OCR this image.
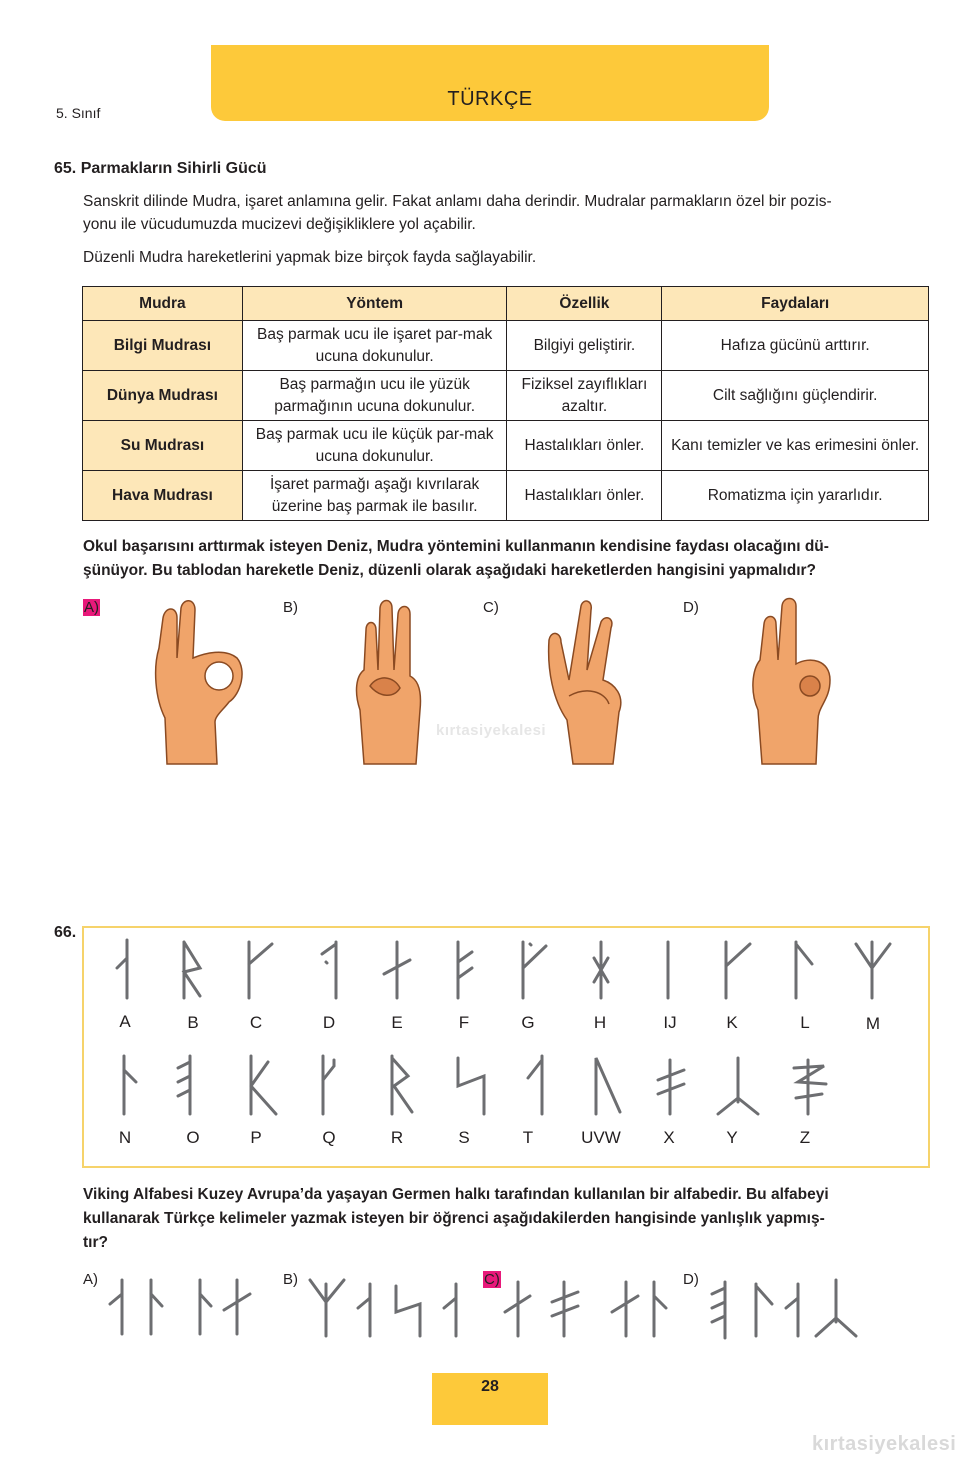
TÜRKÇE
5. Sınıf
65. Parmakların Sihirli Gücü
Sanskrit dilinde Mudra, işaret anlamına gelir. Fakat anlamı daha derindir. Mudralar parmakların özel bir pozis-
yonu ile vücudumuzda mucizevi değişikliklere yol açabilir.
Düzenli Mudra hareketlerini yapmak bize birçok fayda sağlayabilir.
Mudra	Yöntem	Özellik	Faydaları
Bilgi Mudrası	Baş parmak ucu ile işaret par-mak ucuna dokunulur.	Bilgiyi geliştirir.	Hafıza gücünü arttırır.
Dünya Mudrası	Baş parmağın ucu ile yüzük parmağının ucuna dokunulur.	Fiziksel zayıflıkları azaltır.	Cilt sağlığını güçlendirir.
Su Mudrası	Baş parmak ucu ile küçük par-mak ucuna dokunulur.	Hastalıkları önler.	Kanı temizler ve kas erimesini önler.
Hava Mudrası	İşaret parmağı aşağı kıvrılarak üzerine baş parmak ile basılır.	Hastalıkları önler.	Romatizma için yararlıdır.
Okul başarısını arttırmak isteyen Deniz, Mudra yöntemini kullanmanın kendisine faydası olacağını dü-
şünüyor. Bu tablodan hareketle Deniz, düzenli olarak aşağıdaki hareketlerden hangisini yapmalıdır?
A)	B)	C)	D)
kırtasiyekalesi
66.
A	B	C	D	E	F	G	H	IJ	K	L	M
N	O	P	Q	R	S	T	UVW	X	Y	Z
Viking Alfabesi Kuzey Avrupa’da yaşayan Germen halkı tarafından kullanılan bir alfabedir. Bu alfabeyi
kullanarak Türkçe kelimeler yazmak isteyen bir öğrenci aşağıdakilerden hangisinde yanlışlık yapmış-
tır?
A)	B)	C)	D)
28
kırtasiyekalesi
